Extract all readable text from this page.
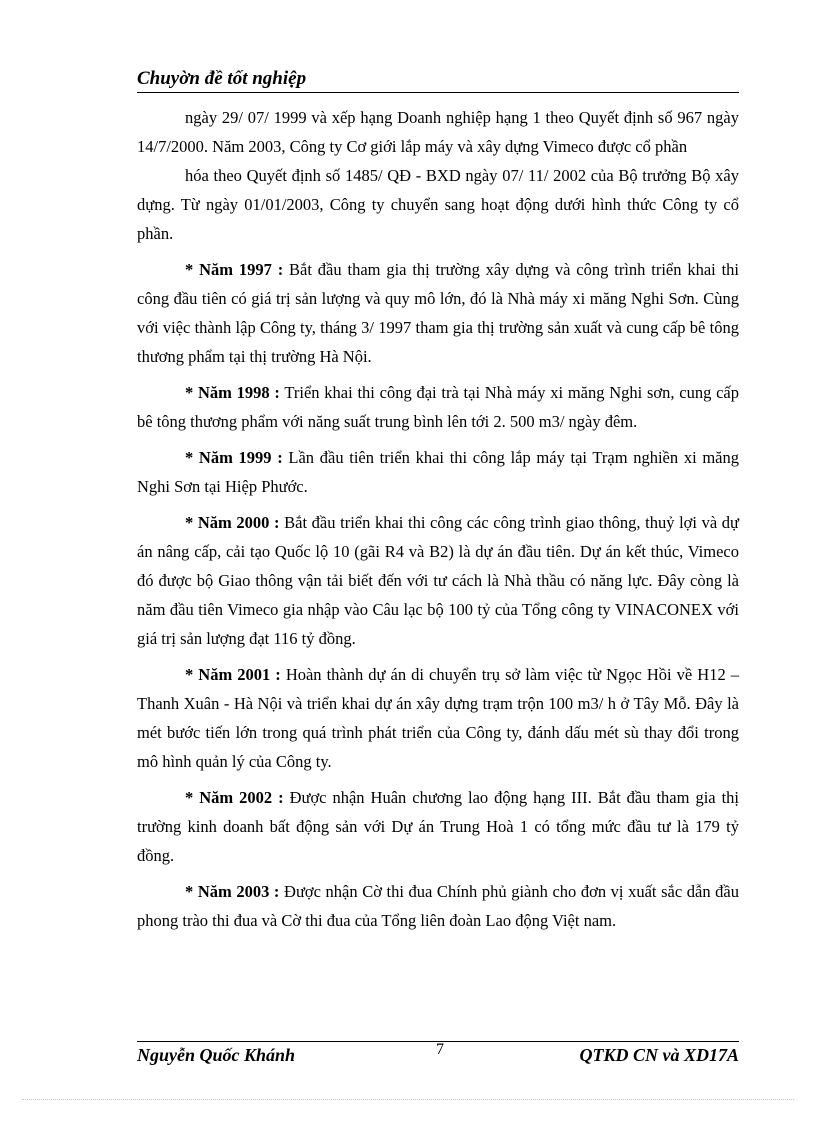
Chuyờn đề tốt nghiệp

ngày 29/ 07/ 1999 và xếp hạng Doanh nghiệp hạng 1 theo Quyết định số 967 ngày 14/7/2000. Năm 2003, Công ty Cơ giới lắp máy và xây dựng Vimeco được cổ phần

hóa theo Quyết định số 1485/ QĐ - BXD ngày 07/ 11/ 2002 của Bộ trưởng Bộ xây dựng. Từ ngày 01/01/2003, Công ty chuyển sang hoạt động dưới hình thức Công ty cổ phần.

* Năm 1997 : Bắt đầu tham gia thị trường xây dựng và công trình triển khai thi công đầu tiên có giá trị sản lượng và quy mô lớn, đó là Nhà máy xi măng Nghi Sơn. Cùng với việc thành lập Công ty, tháng 3/ 1997 tham gia thị trường sản xuất và cung cấp bê tông thương phẩm tại thị trường Hà Nội.

* Năm 1998 : Triển khai thi công đại trà tại Nhà máy xi măng Nghi sơn, cung cấp bê tông thương phẩm với năng suất trung bình lên tới 2. 500 m3/ ngày đêm.

* Năm 1999 : Lần đầu tiên triển khai thi công lắp máy tại Trạm nghiền xi măng Nghi Sơn tại Hiệp Phước.

* Năm 2000 : Bắt đầu triển khai thi công các công trình giao thông, thuỷ lợi và dự án nâng cấp, cải tạo Quốc lộ 10 (gãi R4 và B2) là dự án đầu tiên. Dự án kết thúc, Vimeco đó được bộ Giao thông vận tải biết đến với tư cách là Nhà thầu có năng lực. Đây còng là năm đầu tiên Vimeco gia nhập vào Câu lạc bộ 100 tỷ của Tổng công ty VINACONEX với giá trị sản lượng đạt 116 tỷ đồng.

* Năm 2001 : Hoàn thành dự án di chuyển trụ sở làm việc từ Ngọc Hồi về H12 – Thanh Xuân - Hà Nội và triển khai dự án xây dựng trạm trộn 100 m3/ h ở Tây Mỗ. Đây là mét bước tiến lớn trong quá trình phát triển của Công ty, đánh dấu mét sù thay đổi trong mô hình quản lý của Công ty.

* Năm 2002 : Được nhận Huân chương lao động hạng III. Bắt đầu tham gia thị trường kinh doanh bất động sản với Dự án Trung Hoà 1 có tổng mức đầu tư là 179 tỷ đồng.

* Năm 2003 : Được nhận Cờ thi đua Chính phủ giành cho đơn vị xuất sắc dẫn đầu phong trào thi đua và Cờ thi đua của Tổng liên đoàn Lao động Việt nam.

Nguyễn Quốc Khánh	7	QTKD CN và XD17A
